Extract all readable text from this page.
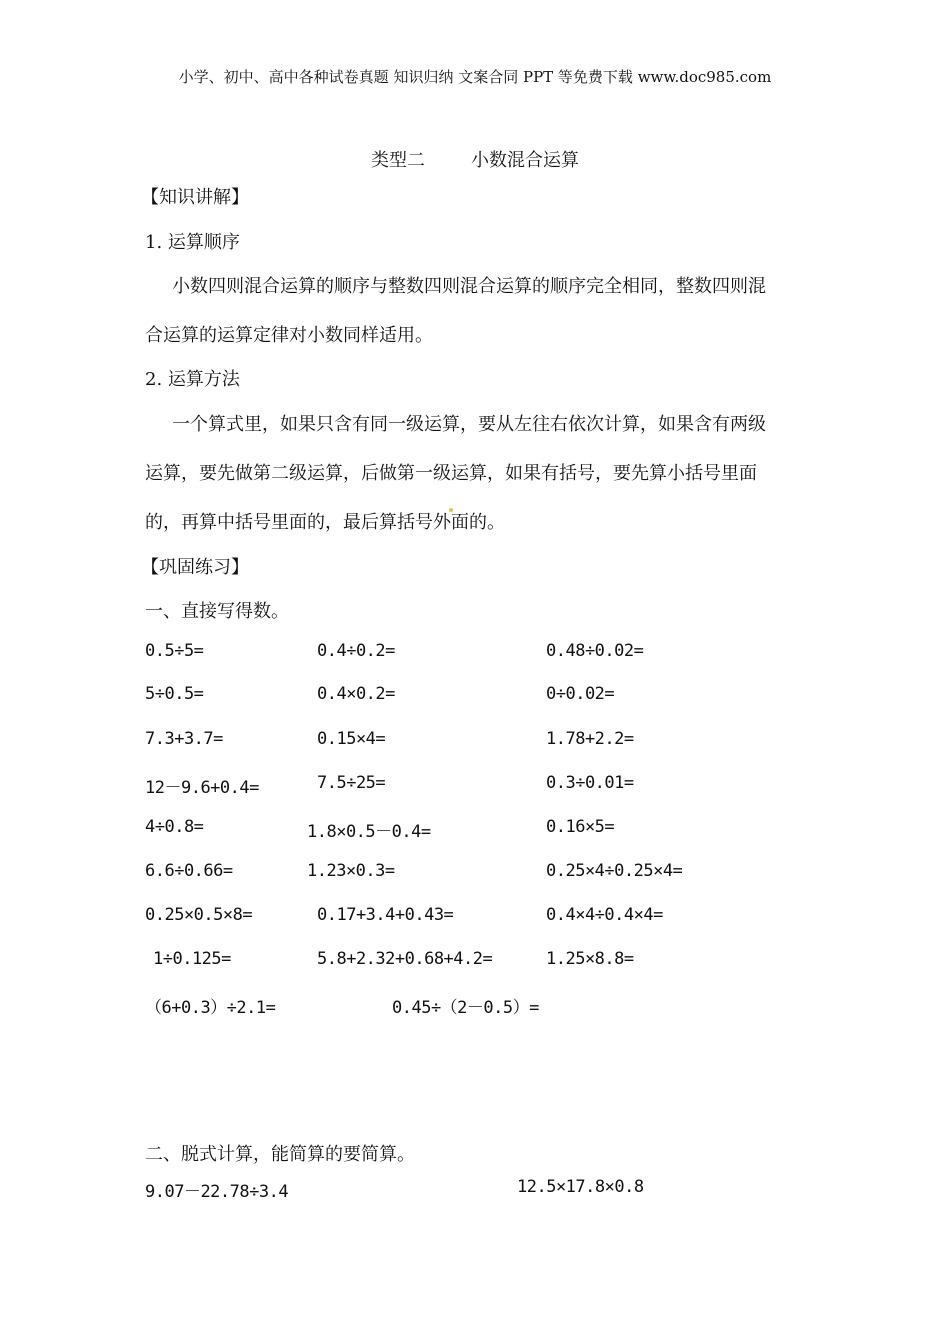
小学、初中、高中各种试卷真题 知识归纳 文案合同 PPT 等免费下载 www.doc985.com
类型二	小数混合运算
【知识讲解】
1. 运算顺序
小数四则混合运算的顺序与整数四则混合运算的顺序完全相同，整数四则混
合运算的运算定律对小数同样适用。
2. 运算方法
一个算式里，如果只含有同一级运算，要从左往右依次计算，如果含有两级
运算，要先做第二级运算，后做第一级运算，如果有括号，要先算小括号里面
的，再算中括号里面的，最后算括号外面的。
【巩固练习】
一、直接写得数。
0.5÷5=	0.4÷0.2=	0.48÷0.02=
5÷0.5=	0.4×0.2=	0÷0.02=
7.3+3.7=	0.15×4=	1.78+2.2=
12－9.6+0.4=	7.5÷25=	0.3÷0.01=
4÷0.8=	1.8×0.5－0.4=	0.16×5=
6.6÷0.66=	1.23×0.3=	0.25×4÷0.25×4=
0.25×0.5×8=	0.17+3.4+0.43=	0.4×4÷0.4×4=
1÷0.125=	5.8+2.32+0.68+4.2=	1.25×8.8=
（6+0.3）÷2.1=	0.45÷（2－0.5）=
二、脱式计算，能简算的要简算。
9.07－22.78÷3.4	12.5×17.8×0.8
